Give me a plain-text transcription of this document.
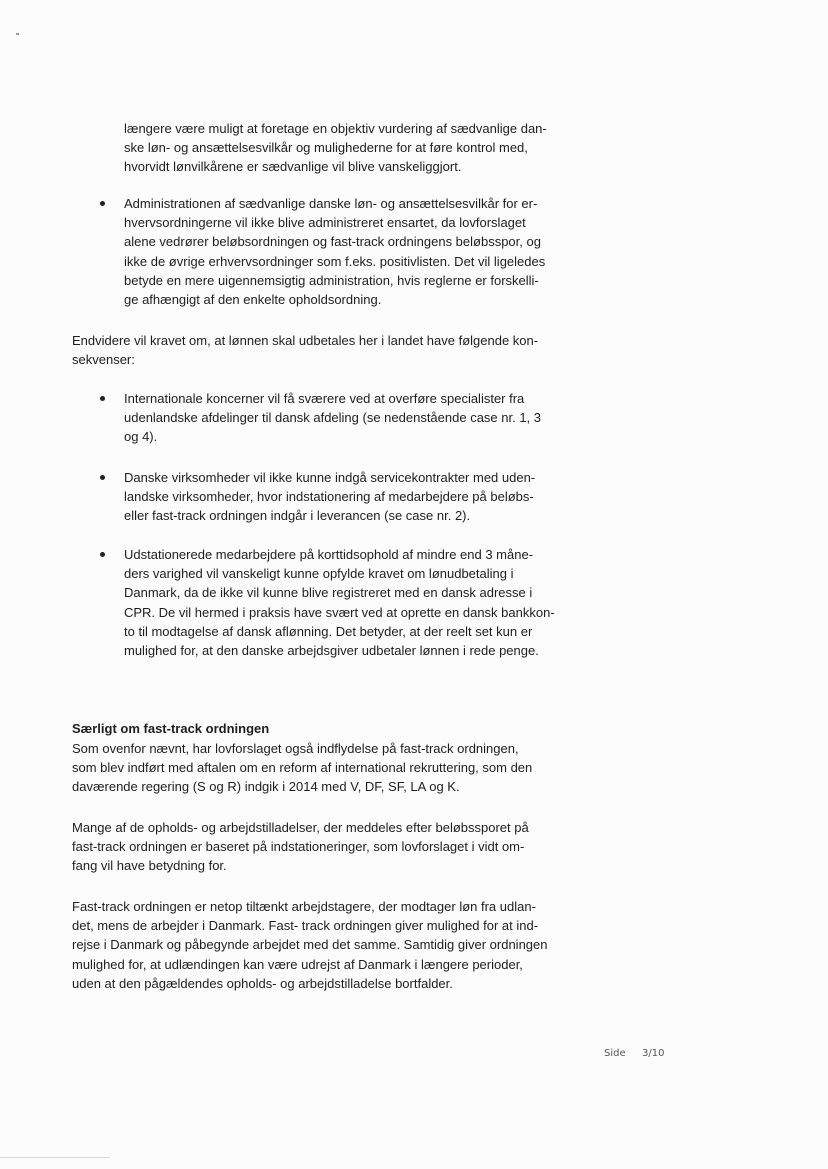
længere være muligt at foretage en objektiv vurdering af sædvanlige dan-
ske løn- og ansættelsesvilkår og mulighederne for at føre kontrol med,
hvorvidt lønvilkårene er sædvanlige vil blive vanskeliggjort.
Administrationen af sædvanlige danske løn- og ansættelsesvilkår for er-
hvervsordningerne vil ikke blive administreret ensartet, da lovforslaget
alene vedrører beløbsordningen og fast-track ordningens beløbsspor, og
ikke de øvrige erhvervsordninger som f.eks. positivlisten. Det vil ligeledes
betyde en mere uigennemsigtig administration, hvis reglerne er forskelli-
ge afhængigt af den enkelte opholdsordning.
Endvidere vil kravet om, at lønnen skal udbetales her i landet have følgende kon-
sekvenser:
Internationale koncerner vil få sværere ved at overføre specialister fra
udenlandske afdelinger til dansk afdeling (se nedenstående case nr. 1, 3
og 4).
Danske virksomheder vil ikke kunne indgå servicekontrakter med uden-
landske virksomheder, hvor indstationering af medarbejdere på beløbs-
eller fast-track ordningen indgår i leverancen (se case nr. 2).
Udstationerede medarbejdere på korttidsophold af mindre end 3 måne-
ders varighed vil vanskeligt kunne opfylde kravet om lønudbetaling i
Danmark, da de ikke vil kunne blive registreret med en dansk adresse i
CPR. De vil hermed i praksis have svært ved at oprette en dansk bankkon-
to til modtagelse af dansk aflønning. Det betyder, at der reelt set kun er
mulighed for, at den danske arbejdsgiver udbetaler lønnen i rede penge.
Særligt om fast-track ordningen
Som ovenfor nævnt, har lovforslaget også indflydelse på fast-track ordningen,
som blev indført med aftalen om en reform af international rekruttering, som den
daværende regering (S og R) indgik i 2014 med V, DF, SF, LA og K.
Mange af de opholds- og arbejdstilladelser, der meddeles efter beløbssporet på
fast-track ordningen er baseret på indstationeringer, som lovforslaget i vidt om-
fang vil have betydning for.
Fast-track ordningen er netop tiltænkt arbejdstagere, der modtager løn fra udlan-
det, mens de arbejder i Danmark. Fast- track ordningen giver mulighed for at ind-
rejse i Danmark og påbegynde arbejdet med det samme. Samtidig giver ordningen
mulighed for, at udlændingen kan være udrejst af Danmark i længere perioder,
uden at den pågældendes opholds- og arbejdstilladelse bortfalder.
Side 3/10
